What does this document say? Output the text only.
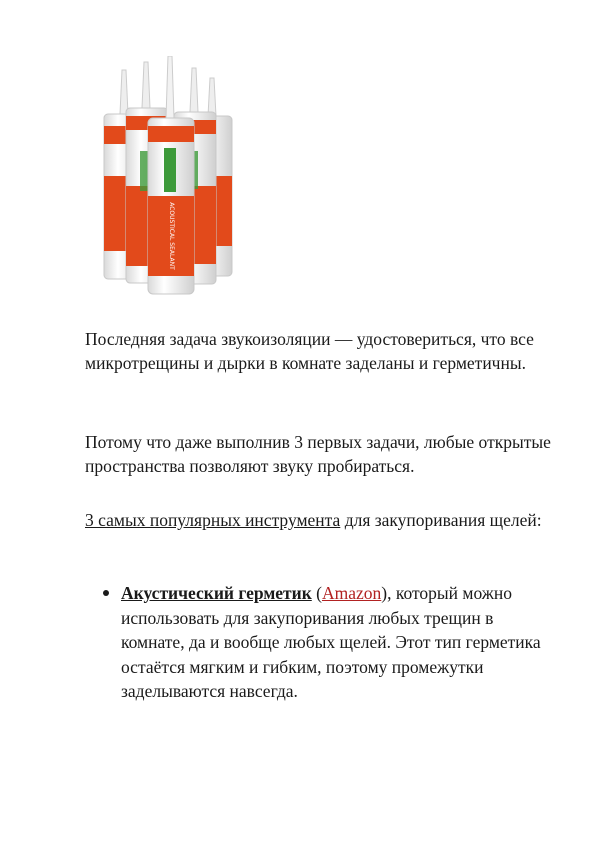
ACOUSTICAL SEALANT

Последняя задача звукоизоляции — удостовериться, что все микротрещины и дырки в комнате заделаны и герметичны.

Потому что даже выполнив 3 первых задачи, любые открытые пространства позволяют звуку пробираться.

3 самых популярных инструмента для закупоривания щелей:

Акустический герметик (Amazon), который можно использовать для закупоривания любых трещин в комнате, да и вообще любых щелей. Этот тип герметика остаётся мягким и гибким, поэтому промежутки заделываются навсегда.
